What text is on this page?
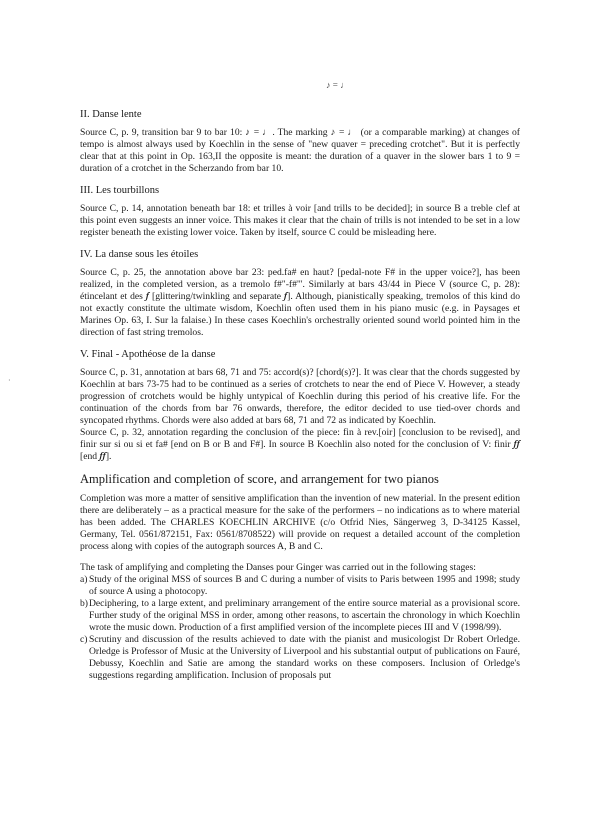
♪ = ♩
·
II. Danse lente

Source C, p. 9, transition bar 9 to bar 10: ♪ = ♩. The marking ♪ = ♩ (or a comparable marking) at changes of tempo is almost always used by Koechlin in the sense of "new quaver = preceding crotchet". But it is perfectly clear that at this point in Op. 163,II the opposite is meant: the duration of a quaver in the slower bars 1 to 9 = duration of a crotchet in the Scherzando from bar 10.

III. Les tourbillons

Source C, p. 14, annotation beneath bar 18: et trilles à voir [and trills to be decided]; in source B a treble clef at this point even suggests an inner voice. This makes it clear that the chain of trills is not intended to be set in a low register beneath the existing lower voice. Taken by itself, source C could be misleading here.

IV. La danse sous les étoiles

Source C, p. 25, the annotation above bar 23: ped.fa# en haut? [pedal-note F# in the upper voice?], has been realized, in the completed version, as a tremolo f#"-f#"'. Similarly at bars 43/44 in Piece V (source C, p. 28): étincelant et des 𝆑 [glittering/twinkling and separate 𝆑]. Although, pianistically speaking, tremolos of this kind do not exactly constitute the ultimate wisdom, Koechlin often used them in his piano music (e.g. in Paysages et Marines Op. 63, I. Sur la falaise.) In these cases Koechlin's orchestrally oriented sound world pointed him in the direction of fast string tremolos.

V. Final - Apothéose de la danse

Source C, p. 31, annotation at bars 68, 71 and 75: accord(s)? [chord(s)?]. It was clear that the chords suggested by Koechlin at bars 73-75 had to be continued as a series of crotchets to near the end of Piece V. However, a steady progression of crotchets would be highly untypical of Koechlin during this period of his creative life. For the continuation of the chords from bar 76 onwards, therefore, the editor decided to use tied-over chords and syncopated rhythms. Chords were also added at bars 68, 71 and 72 as indicated by Koechlin.

Source C, p. 32, annotation regarding the conclusion of the piece: fin à rev.[oir] [conclusion to be revised], and finir sur si ou si et fa# [end on B or B and F#]. In source B Koechlin also noted for the conclusion of V: finir 𝆑𝆑 [end 𝆑𝆑].

Amplification and completion of score, and arrangement for two pianos

Completion was more a matter of sensitive amplification than the invention of new material. In the present edition there are deliberately – as a practical measure for the sake of the performers – no indications as to where material has been added. The CHARLES KOECHLIN ARCHIVE (c/o Otfrid Nies, Sängerweg 3, D-34125 Kassel, Germany, Tel. 0561/872151, Fax: 0561/8708522) will provide on request a detailed account of the completion process along with copies of the autograph sources A, B and C.

The task of amplifying and completing the Danses pour Ginger was carried out in the following stages:

a) Study of the original MSS of sources B and C during a number of visits to Paris between 1995 and 1998; study of source A using a photocopy.
b) Deciphering, to a large extent, and preliminary arrangement of the entire source material as a provisional score. Further study of the original MSS in order, among other reasons, to ascertain the chronology in which Koechlin wrote the music down. Production of a first amplified version of the incomplete pieces III and V (1998/99).
c) Scrutiny and discussion of the results achieved to date with the pianist and musicologist Dr Robert Orledge. Orledge is Professor of Music at the University of Liverpool and his substantial output of publications on Fauré, Debussy, Koechlin and Satie are among the standard works on these composers. Inclusion of Orledge's suggestions regarding amplification. Inclusion of proposals put
